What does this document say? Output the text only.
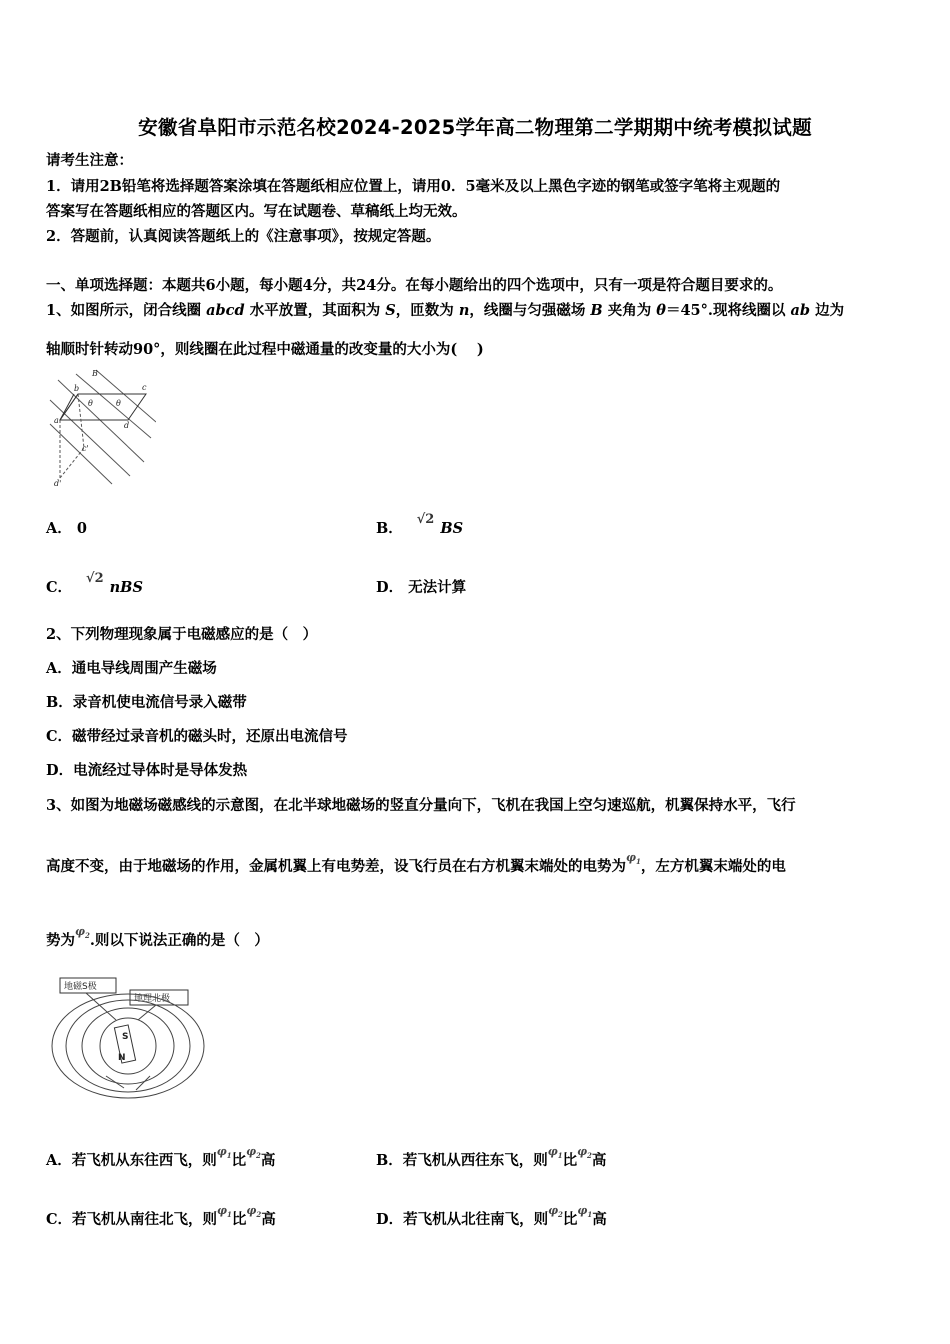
安徽省阜阳市示范名校2024-2025学年高二物理第二学期期中统考模拟试题
请考生注意：
1．请用2B铅笔将选择题答案涂填在答题纸相应位置上，请用0．5毫米及以上黑色字迹的钢笔或签字笔将主观题的
答案写在答题纸相应的答题区内。写在试题卷、草稿纸上均无效。
2．答题前，认真阅读答题纸上的《注意事项》，按规定答题。
一、单项选择题：本题共6小题，每小题4分，共24分。在每小题给出的四个选项中，只有一项是符合题目要求的。
1、如图所示，闭合线圈 abcd 水平放置，其面积为 S，匝数为 n，线圈与匀强磁场 B 夹角为 θ＝45°.现将线圈以 ab 边为
轴顺时针转动90°，则线圈在此过程中磁通量的改变量的大小为(　 )
B
b	c
θ	θ
a
d
c'
d'
A． 0	B．√2BS
C．√2nBS	D． 无法计算
2、下列物理现象属于电磁感应的是（　）
A．通电导线周围产生磁场
B．录音机使电流信号录入磁带
C．磁带经过录音机的磁头时，还原出电流信号
D．电流经过导体时是导体发热
3、如图为地磁场磁感线的示意图，在北半球地磁场的竖直分量向下，飞机在我国上空匀速巡航，机翼保持水平，飞行
高度不变，由于地磁场的作用，金属机翼上有电势差，设飞行员在右方机翼末端处的电势为$^{\varphi_1}$，左方机翼末端处的电
势为$^{\varphi_2}$.则以下说法正确的是（　）
地磁S极
地理北极
S
N
A．若飞机从东往西飞，则$^{\varphi_1}$比$^{\varphi_2}$高	B．若飞机从西往东飞，则$^{\varphi_1}$比$^{\varphi_2}$高
C．若飞机从南往北飞，则$^{\varphi_1}$比$^{\varphi_2}$高	D．若飞机从北往南飞，则$^{\varphi_2}$比$^{\varphi_1}$高
